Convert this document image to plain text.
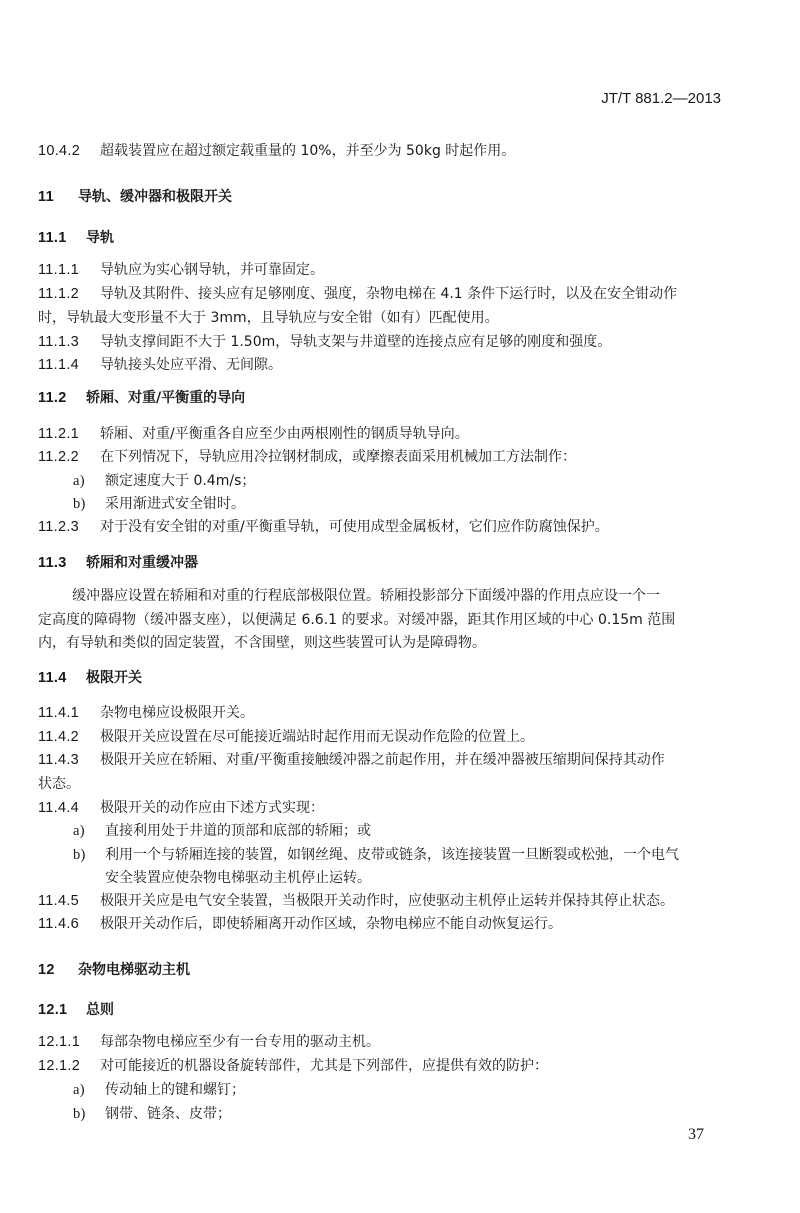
JT/T 881.2—2013
10.4.2 超载装置应在超过额定载重量的 10%，并至少为 50kg 时起作用。
11 导轨、缓冲器和极限开关
11.1 导轨
11.1.1 导轨应为实心钢导轨，并可靠固定。
11.1.2 导轨及其附件、接头应有足够刚度、强度，杂物电梯在 4.1 条件下运行时，以及在安全钳动作
时，导轨最大变形量不大于 3mm，且导轨应与安全钳（如有）匹配使用。
11.1.3 导轨支撑间距不大于 1.50m，导轨支架与井道壁的连接点应有足够的刚度和强度。
11.1.4 导轨接头处应平滑、无间隙。
11.2 轿厢、对重/平衡重的导向
11.2.1 轿厢、对重/平衡重各自应至少由两根刚性的钢质导轨导向。
11.2.2 在下列情况下，导轨应用冷拉钢材制成，或摩擦表面采用机械加工方法制作：
a) 额定速度大于 0.4m/s；
b) 采用渐进式安全钳时。
11.2.3 对于没有安全钳的对重/平衡重导轨，可使用成型金属板材，它们应作防腐蚀保护。
11.3 轿厢和对重缓冲器
缓冲器应设置在轿厢和对重的行程底部极限位置。轿厢投影部分下面缓冲器的作用点应设一个一
定高度的障碍物（缓冲器支座），以便满足 6.6.1 的要求。对缓冲器，距其作用区域的中心 0.15m 范围
内，有导轨和类似的固定装置，不含围壁，则这些装置可认为是障碍物。
11.4 极限开关
11.4.1 杂物电梯应设极限开关。
11.4.2 极限开关应设置在尽可能接近端站时起作用而无误动作危险的位置上。
11.4.3 极限开关应在轿厢、对重/平衡重接触缓冲器之前起作用，并在缓冲器被压缩期间保持其动作
状态。
11.4.4 极限开关的动作应由下述方式实现：
a) 直接利用处于井道的顶部和底部的轿厢；或
b) 利用一个与轿厢连接的装置，如钢丝绳、皮带或链条，该连接装置一旦断裂或松弛，一个电气
安全装置应使杂物电梯驱动主机停止运转。
11.4.5 极限开关应是电气安全装置，当极限开关动作时，应使驱动主机停止运转并保持其停止状态。
11.4.6 极限开关动作后，即使轿厢离开动作区域，杂物电梯应不能自动恢复运行。
12 杂物电梯驱动主机
12.1 总则
12.1.1 每部杂物电梯应至少有一台专用的驱动主机。
12.1.2 对可能接近的机器设备旋转部件，尤其是下列部件，应提供有效的防护：
a) 传动轴上的键和螺钉；
b) 钢带、链条、皮带；
37
